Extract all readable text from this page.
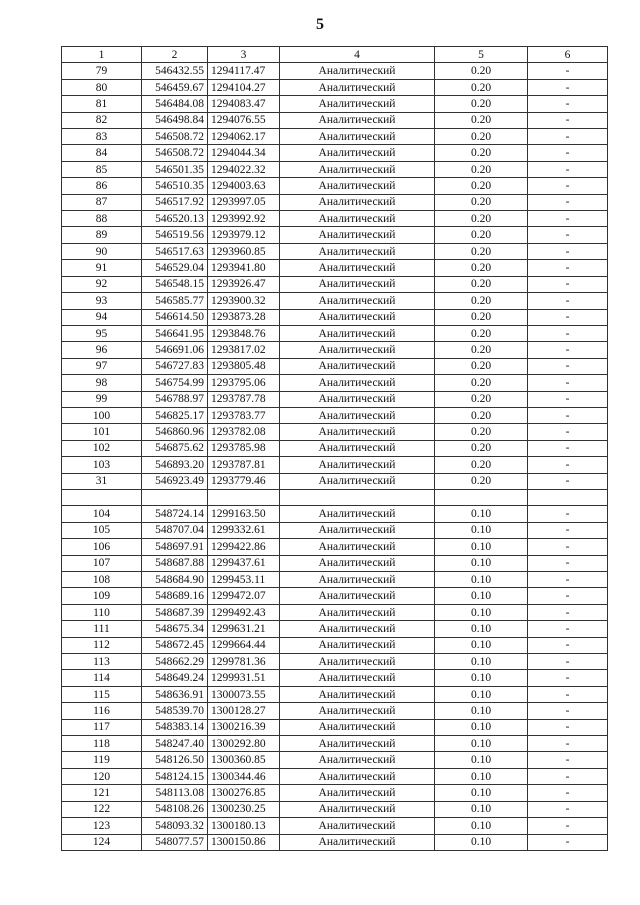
5
1	2	3	4	5	6
79	546432.55	1294117.47	Аналитический	0.20	-
80	546459.67	1294104.27	Аналитический	0.20	-
81	546484.08	1294083.47	Аналитический	0.20	-
82	546498.84	1294076.55	Аналитический	0.20	-
83	546508.72	1294062.17	Аналитический	0.20	-
84	546508.72	1294044.34	Аналитический	0.20	-
85	546501.35	1294022.32	Аналитический	0.20	-
86	546510.35	1294003.63	Аналитический	0.20	-
87	546517.92	1293997.05	Аналитический	0.20	-
88	546520.13	1293992.92	Аналитический	0.20	-
89	546519.56	1293979.12	Аналитический	0.20	-
90	546517.63	1293960.85	Аналитический	0.20	-
91	546529.04	1293941.80	Аналитический	0.20	-
92	546548.15	1293926.47	Аналитический	0.20	-
93	546585.77	1293900.32	Аналитический	0.20	-
94	546614.50	1293873.28	Аналитический	0.20	-
95	546641.95	1293848.76	Аналитический	0.20	-
96	546691.06	1293817.02	Аналитический	0.20	-
97	546727.83	1293805.48	Аналитический	0.20	-
98	546754.99	1293795.06	Аналитический	0.20	-
99	546788.97	1293787.78	Аналитический	0.20	-
100	546825.17	1293783.77	Аналитический	0.20	-
101	546860.96	1293782.08	Аналитический	0.20	-
102	546875.62	1293785.98	Аналитический	0.20	-
103	546893.20	1293787.81	Аналитический	0.20	-
31	546923.49	1293779.46	Аналитический	0.20	-

104	548724.14	1299163.50	Аналитический	0.10	-
105	548707.04	1299332.61	Аналитический	0.10	-
106	548697.91	1299422.86	Аналитический	0.10	-
107	548687.88	1299437.61	Аналитический	0.10	-
108	548684.90	1299453.11	Аналитический	0.10	-
109	548689.16	1299472.07	Аналитический	0.10	-
110	548687.39	1299492.43	Аналитический	0.10	-
111	548675.34	1299631.21	Аналитический	0.10	-
112	548672.45	1299664.44	Аналитический	0.10	-
113	548662.29	1299781.36	Аналитический	0.10	-
114	548649.24	1299931.51	Аналитический	0.10	-
115	548636.91	1300073.55	Аналитический	0.10	-
116	548539.70	1300128.27	Аналитический	0.10	-
117	548383.14	1300216.39	Аналитический	0.10	-
118	548247.40	1300292.80	Аналитический	0.10	-
119	548126.50	1300360.85	Аналитический	0.10	-
120	548124.15	1300344.46	Аналитический	0.10	-
121	548113.08	1300276.85	Аналитический	0.10	-
122	548108.26	1300230.25	Аналитический	0.10	-
123	548093.32	1300180.13	Аналитический	0.10	-
124	548077.57	1300150.86	Аналитический	0.10	-
